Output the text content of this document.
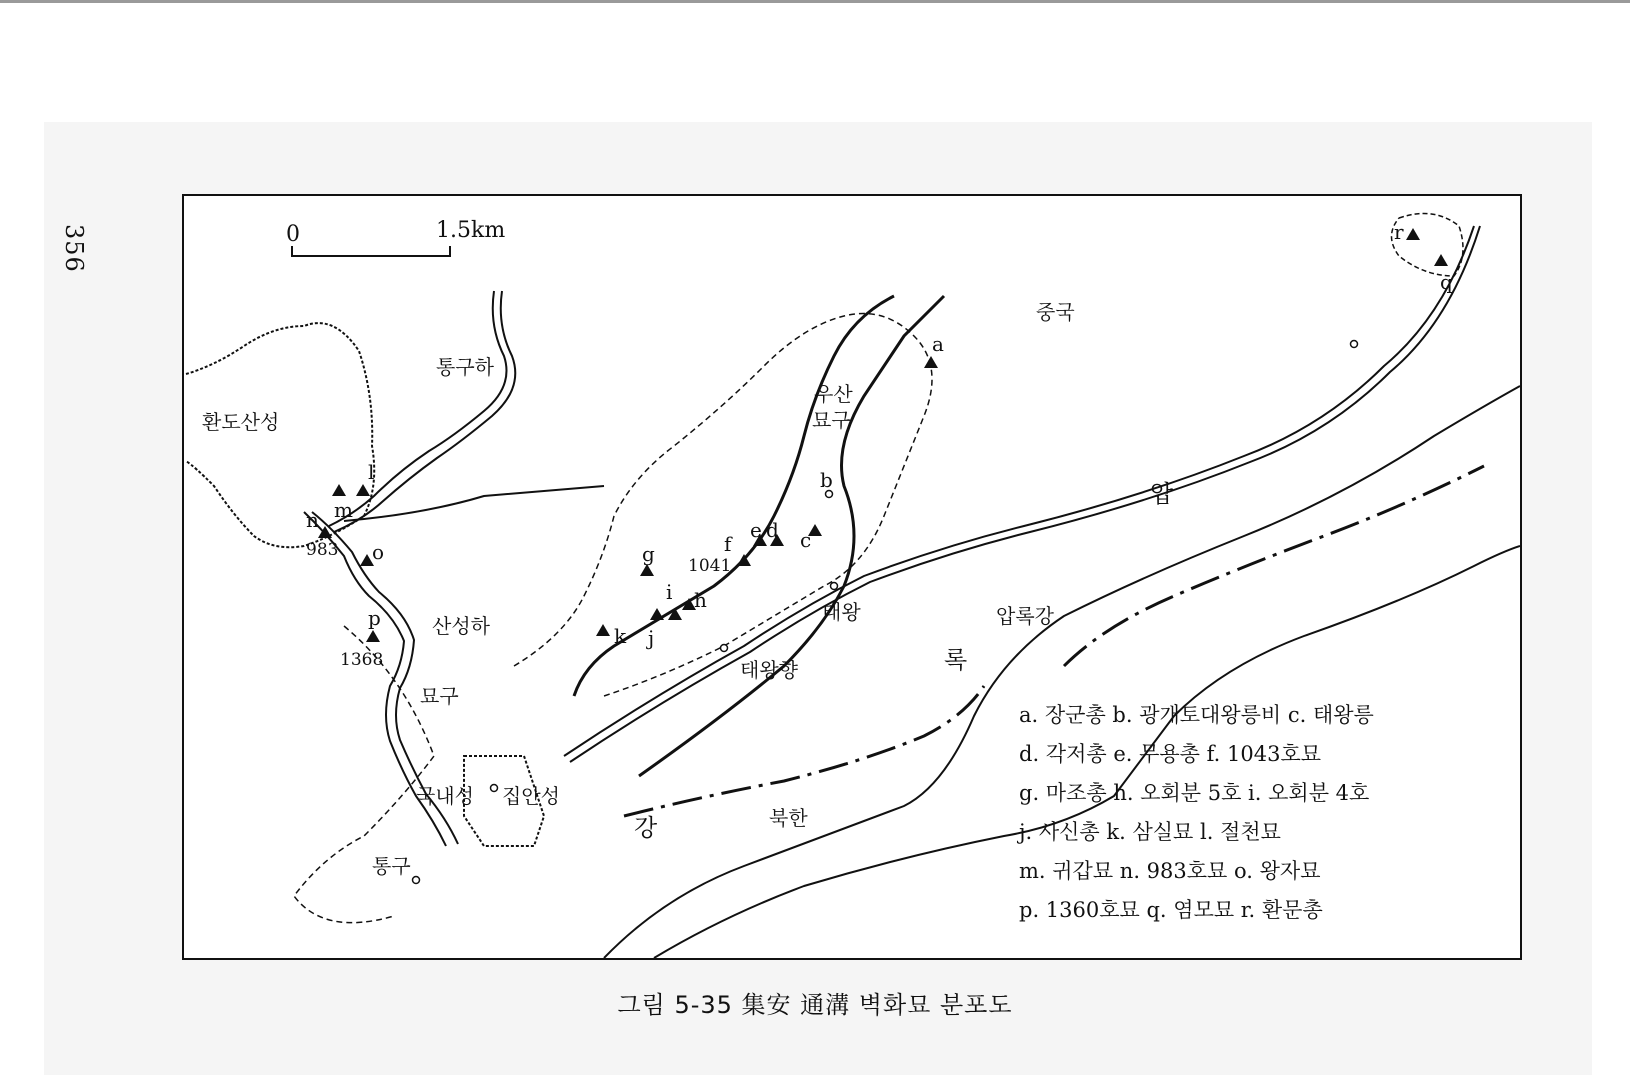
356	0	1.5km
중국
통구하
환도산성
우산
묘구
산성하
묘구
태왕
태왕향
압록강
압
록
강
국내성 집안성
북한
통구
a
b
c
d
e
f
g
h
i
j
k
l
m
n
o
p
q
r
1041
983
1368
a. 장군총 b. 광개토대왕릉비 c. 태왕릉
d. 각저총 e. 무용총 f. 1043호묘
g. 마조총 h. 오회분 5호 i. 오회분 4호
j. 사신총 k. 삼실묘 l. 절천묘
m. 귀갑묘 n. 983호묘 o. 왕자묘
p. 1360호묘 q. 염모묘 r. 환문총
그림 5-35 集安 通溝 벽화묘 분포도
